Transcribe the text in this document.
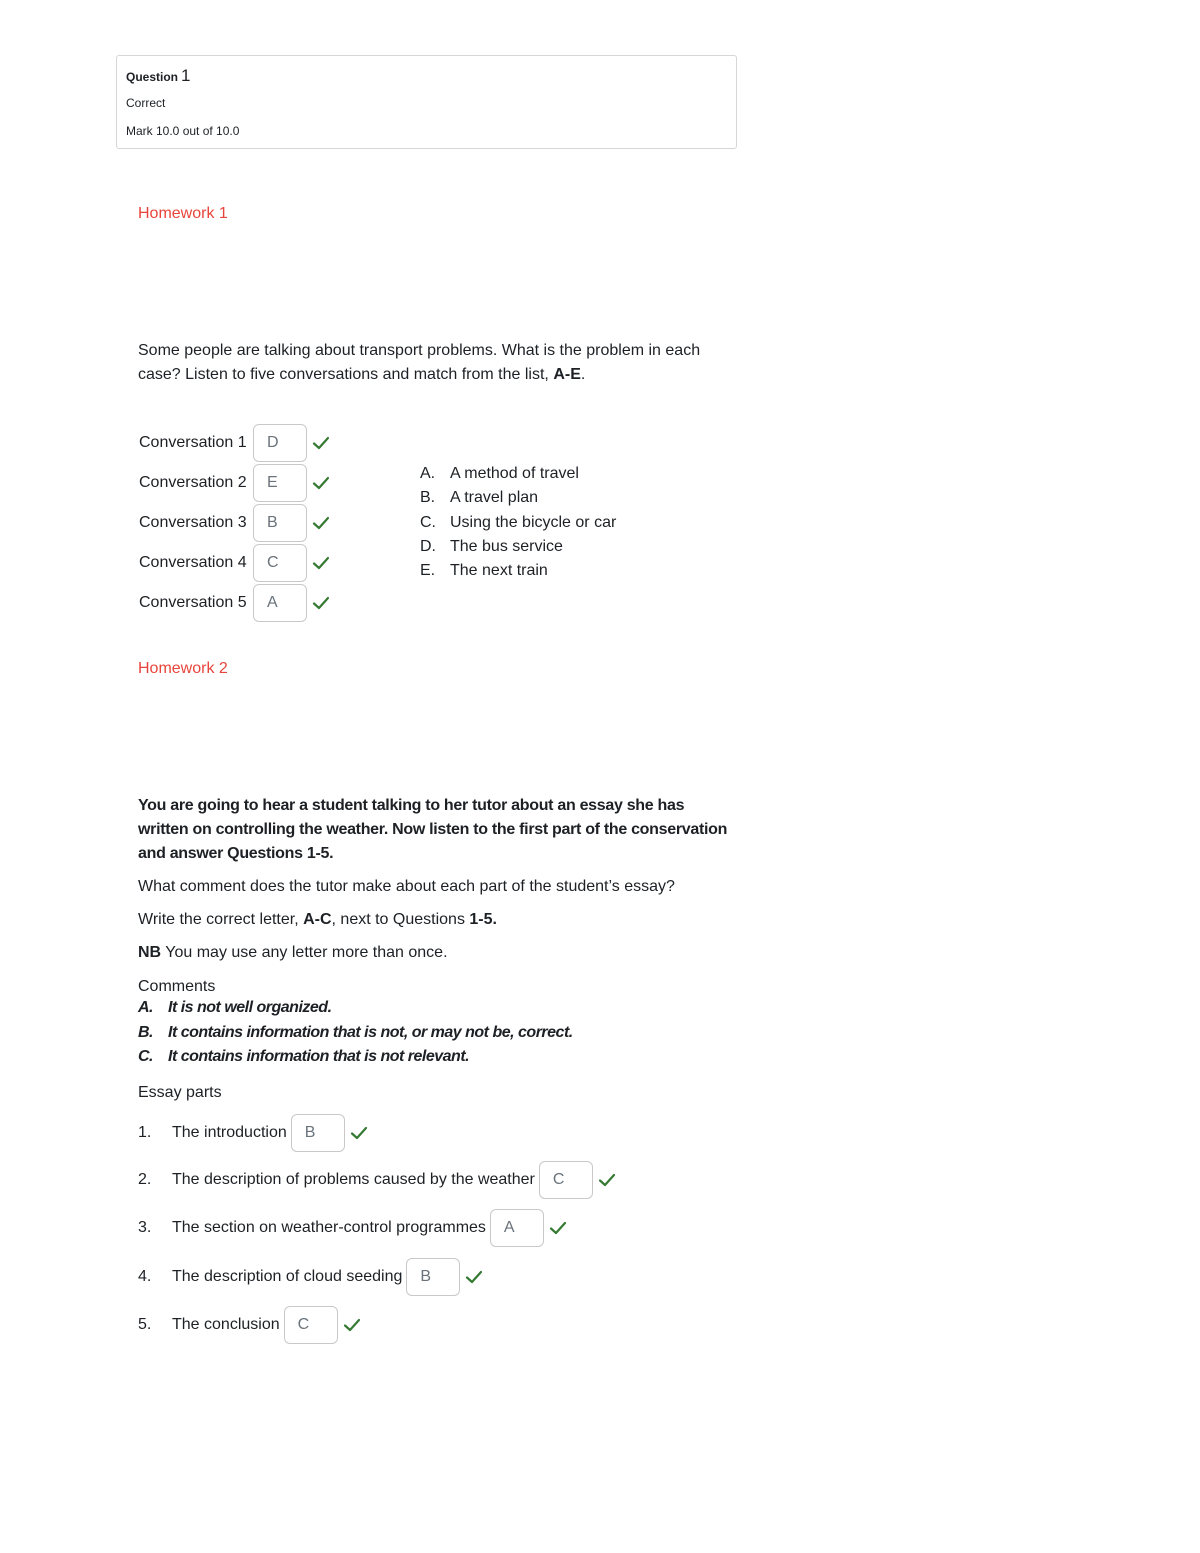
Question 1
Correct
Mark 10.0 out of 10.0
Homework 1
Some people are talking about transport problems. What is the problem in each case? Listen to five conversations and match from the list, A-E.
Conversation 1	D
Conversation 2	E
Conversation 3	B
Conversation 4	C
Conversation 5	A
A. A method of travel
B. A travel plan
C. Using the bicycle or car
D. The bus service
E. The next train
Homework 2
You are going to hear a student talking to her tutor about an essay she has written on controlling the weather. Now listen to the first part of the conservation and answer Questions 1-5.
What comment does the tutor make about each part of the student’s essay?
Write the correct letter, A-C, next to Questions 1-5.
NB You may use any letter more than once.
Comments
A. It is not well organized.
B. It contains information that is not, or may not be, correct.
C. It contains information that is not relevant.
Essay parts
1.	The introduction	B
2.	The description of problems caused by the weather	C
3.	The section on weather-control programmes	A
4.	The description of cloud seeding	B
5.	The conclusion	C
